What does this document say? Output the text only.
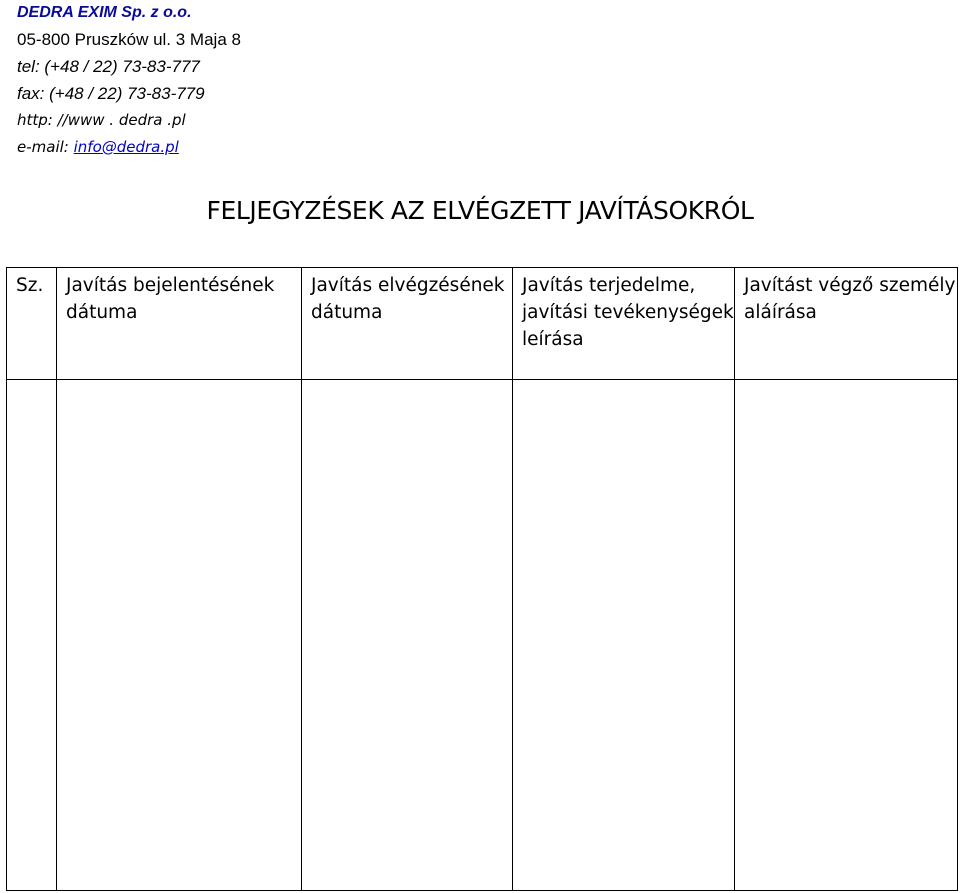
DEDRA EXIM Sp. z o.o.
05-800 Pruszków ul. 3 Maja 8
tel: (+48 / 22) 73-83-777
fax: (+48 / 22) 73-83-779
http: //www . dedra .pl
e-mail: info@dedra.pl
FELJEGYZÉSEK AZ ELVÉGZETT JAVÍTÁSOKRÓL
Sz.	Javítás bejelentésének dátuma	Javítás elvégzésének dátuma	Javítás terjedelme, javítási tevékenységek leírása	Javítást végző személy aláírása
